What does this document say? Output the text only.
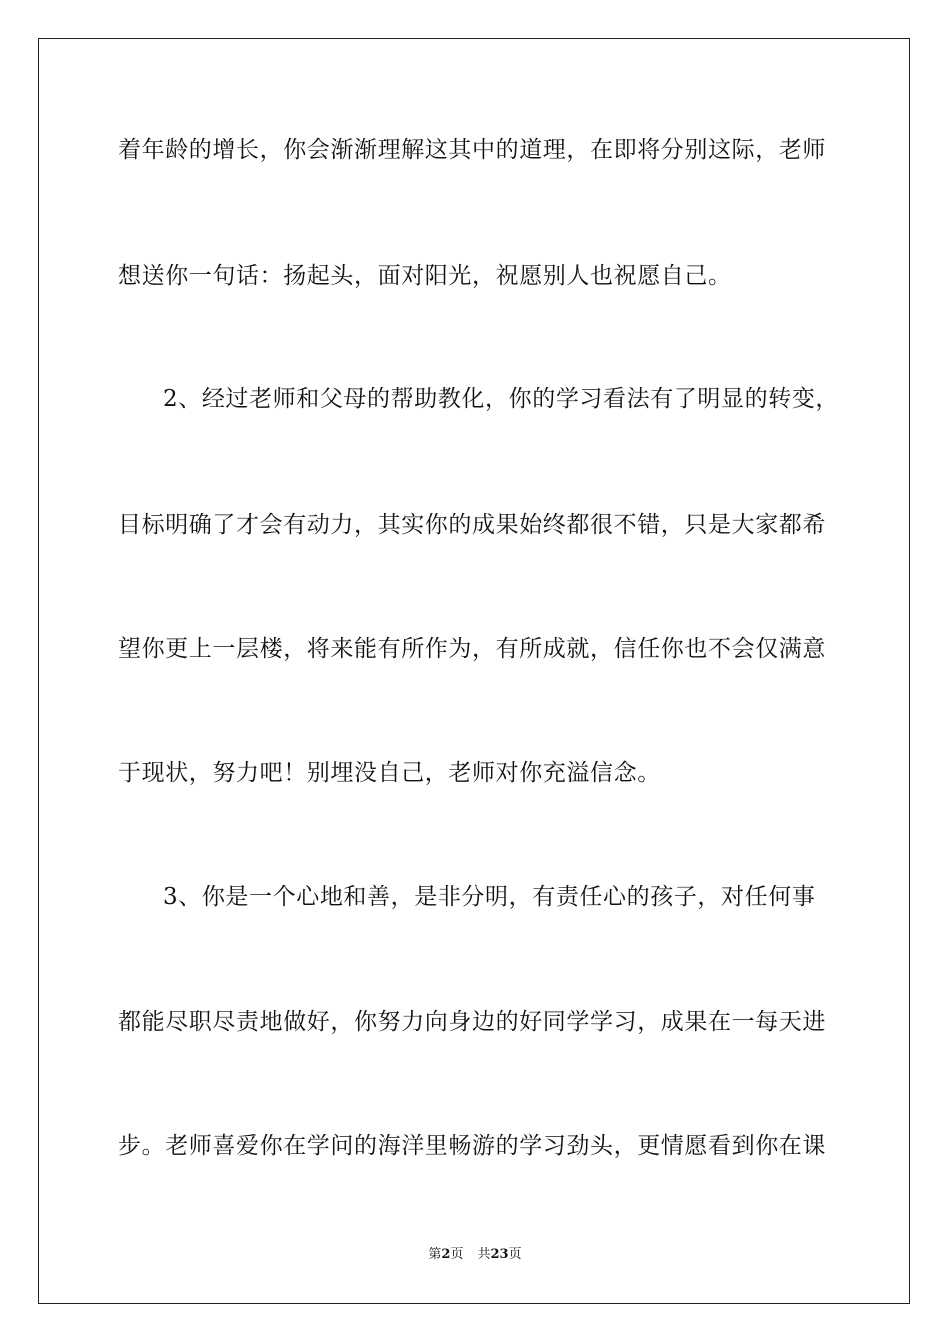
着年龄的增长，你会渐渐理解这其中的道理，在即将分别这际，老师
想送你一句话：扬起头，面对阳光，祝愿别人也祝愿自己。
2、经过老师和父母的帮助教化，你的学习看法有了明显的转变，
目标明确了才会有动力，其实你的成果始终都很不错，只是大家都希
望你更上一层楼，将来能有所作为，有所成就，信任你也不会仅满意
于现状，努力吧！别埋没自己，老师对你充溢信念。
3、你是一个心地和善，是非分明，有责任心的孩子，对任何事
都能尽职尽责地做好，你努力向身边的好同学学习，成果在一每天进
步。老师喜爱你在学问的海洋里畅游的学习劲头，更情愿看到你在课
第2页 共23页
